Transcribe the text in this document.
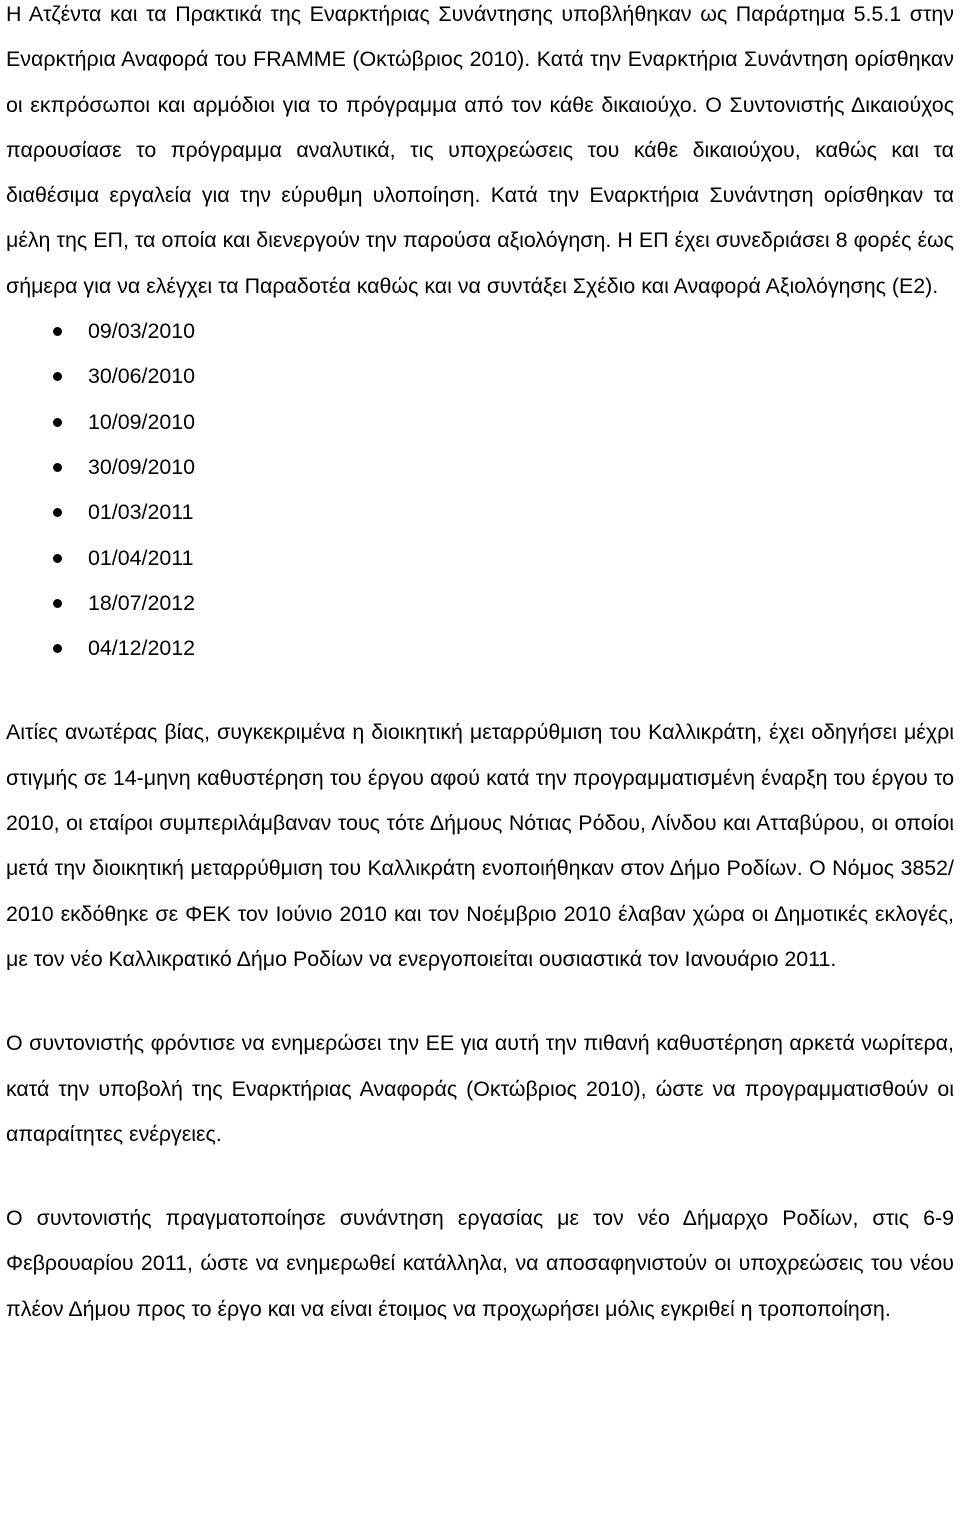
Η Ατζέντα και τα Πρακτικά της Εναρκτήριας Συνάντησης υποβλήθηκαν ως Παράρτημα 5.5.1 στην Εναρκτήρια Αναφορά του FRAMME (Οκτώβριος 2010). Κατά την Εναρκτήρια Συνάντηση ορίσθηκαν οι εκπρόσωποι και αρμόδιοι για το πρόγραμμα από τον κάθε δικαιούχο. Ο Συντονιστής Δικαιούχος παρουσίασε το πρόγραμμα αναλυτικά, τις υποχρεώσεις του κάθε δικαιούχου, καθώς και τα διαθέσιμα εργαλεία για την εύρυθμη υλοποίηση. Κατά την Εναρκτήρια Συνάντηση ορίσθηκαν τα μέλη της ΕΠ, τα οποία και διενεργούν την παρούσα αξιολόγηση. Η ΕΠ έχει συνεδριάσει 8 φορές έως σήμερα για να ελέγχει τα Παραδοτέα καθώς και να συντάξει Σχέδιο και Αναφορά Αξιολόγησης (Ε2).

09/03/2010
30/06/2010
10/09/2010
30/09/2010
01/03/2011
01/04/2011
18/07/2012
04/12/2012

Αιτίες ανωτέρας βίας, συγκεκριμένα η διοικητική μεταρρύθμιση του Καλλικράτη, έχει οδηγήσει μέχρι στιγμής σε 14-μηνη καθυστέρηση του έργου αφού κατά την προγραμματισμένη έναρξη του έργου το 2010, οι εταίροι συμπεριλάμβαναν τους τότε Δήμους Νότιας Ρόδου, Λίνδου και Ατταβύρου, οι οποίοι μετά την διοικητική μεταρρύθμιση του Καλλικράτη ενοποιήθηκαν στον Δήμο Ροδίων. Ο Νόμος 3852/ 2010 εκδόθηκε σε ΦΕΚ τον Ιούνιο 2010 και τον Νοέμβριο 2010 έλαβαν χώρα οι Δημοτικές εκλογές, με τον νέο Καλλικρατικό Δήμο Ροδίων να ενεργοποιείται ουσιαστικά τον Ιανουάριο 2011.

Ο συντονιστής φρόντισε να ενημερώσει την ΕΕ για αυτή την πιθανή καθυστέρηση αρκετά νωρίτερα, κατά την υποβολή της Εναρκτήριας Αναφοράς (Οκτώβριος 2010), ώστε να προγραμματισθούν οι απαραίτητες ενέργειες.

Ο συντονιστής πραγματοποίησε συνάντηση εργασίας με τον νέο Δήμαρχο Ροδίων, στις 6-9 Φεβρουαρίου 2011, ώστε να ενημερωθεί κατάλληλα, να αποσαφηνιστούν οι υποχρεώσεις του νέου πλέον Δήμου προς το έργο και να είναι έτοιμος να προχωρήσει μόλις εγκριθεί η τροποποίηση.
